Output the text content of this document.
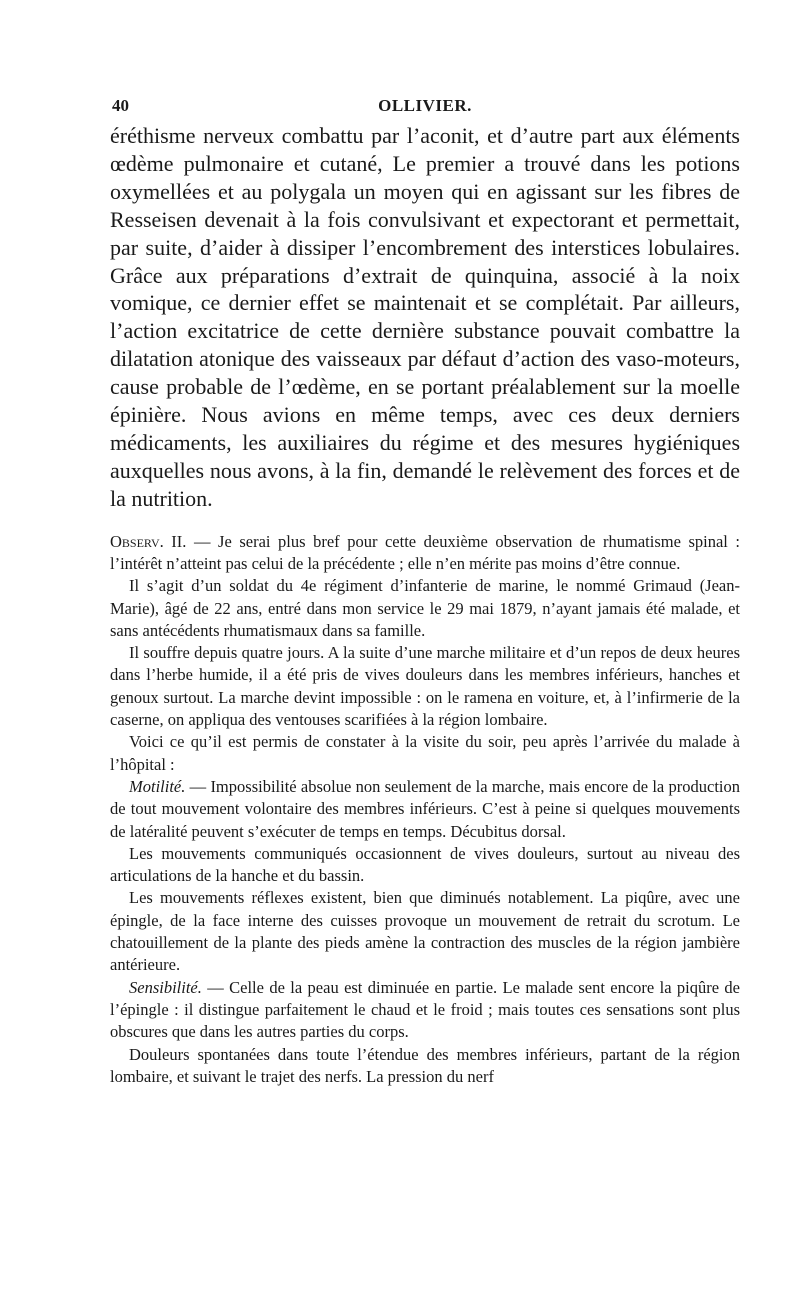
40	OLLIVIER.

éréthisme nerveux combattu par l’aconit, et d’autre part aux éléments œdème pulmonaire et cutané, Le premier a trouvé dans les potions oxymellées et au polygala un moyen qui en agissant sur les fibres de Resseisen devenait à la fois convulsivant et expectorant et permettait, par suite, d’aider à dissiper l’encombrement des interstices lobulaires. Grâce aux préparations d’extrait de quinquina, associé à la noix vomique, ce dernier effet se maintenait et se complétait. Par ailleurs, l’action excitatrice de cette dernière substance pouvait combattre la dilatation atonique des vaisseaux par défaut d’action des vaso-moteurs, cause probable de l’œdème, en se portant préalablement sur la moelle épinière. Nous avions en même temps, avec ces deux derniers médicaments, les auxiliaires du régime et des mesures hygiéniques auxquelles nous avons, à la fin, demandé le relèvement des forces et de la nutrition.

Observ. II. — Je serai plus bref pour cette deuxième observation de rhumatisme spinal : l’intérêt n’atteint pas celui de la précédente ; elle n’en mérite pas moins d’être connue.

Il s’agit d’un soldat du 4e régiment d’infanterie de marine, le nommé Grimaud (Jean-Marie), âgé de 22 ans, entré dans mon service le 29 mai 1879, n’ayant jamais été malade, et sans antécédents rhumatismaux dans sa famille.

Il souffre depuis quatre jours. A la suite d’une marche militaire et d’un repos de deux heures dans l’herbe humide, il a été pris de vives douleurs dans les membres inférieurs, hanches et genoux surtout. La marche devint impossible : on le ramena en voiture, et, à l’infirmerie de la caserne, on appliqua des ventouses scarifiées à la région lombaire.

Voici ce qu’il est permis de constater à la visite du soir, peu après l’arrivée du malade à l’hôpital :

Motilité. — Impossibilité absolue non seulement de la marche, mais encore de la production de tout mouvement volontaire des membres inférieurs. C’est à peine si quelques mouvements de latéralité peuvent s’exécuter de temps en temps. Décubitus dorsal.

Les mouvements communiqués occasionnent de vives douleurs, surtout au niveau des articulations de la hanche et du bassin.

Les mouvements réflexes existent, bien que diminués notablement. La piqûre, avec une épingle, de la face interne des cuisses provoque un mouvement de retrait du scrotum. Le chatouillement de la plante des pieds amène la contraction des muscles de la région jambière antérieure.

Sensibilité. — Celle de la peau est diminuée en partie. Le malade sent encore la piqûre de l’épingle : il distingue parfaitement le chaud et le froid ; mais toutes ces sensations sont plus obscures que dans les autres parties du corps.

Douleurs spontanées dans toute l’étendue des membres inférieurs, partant de la région lombaire, et suivant le trajet des nerfs. La pression du nerf
